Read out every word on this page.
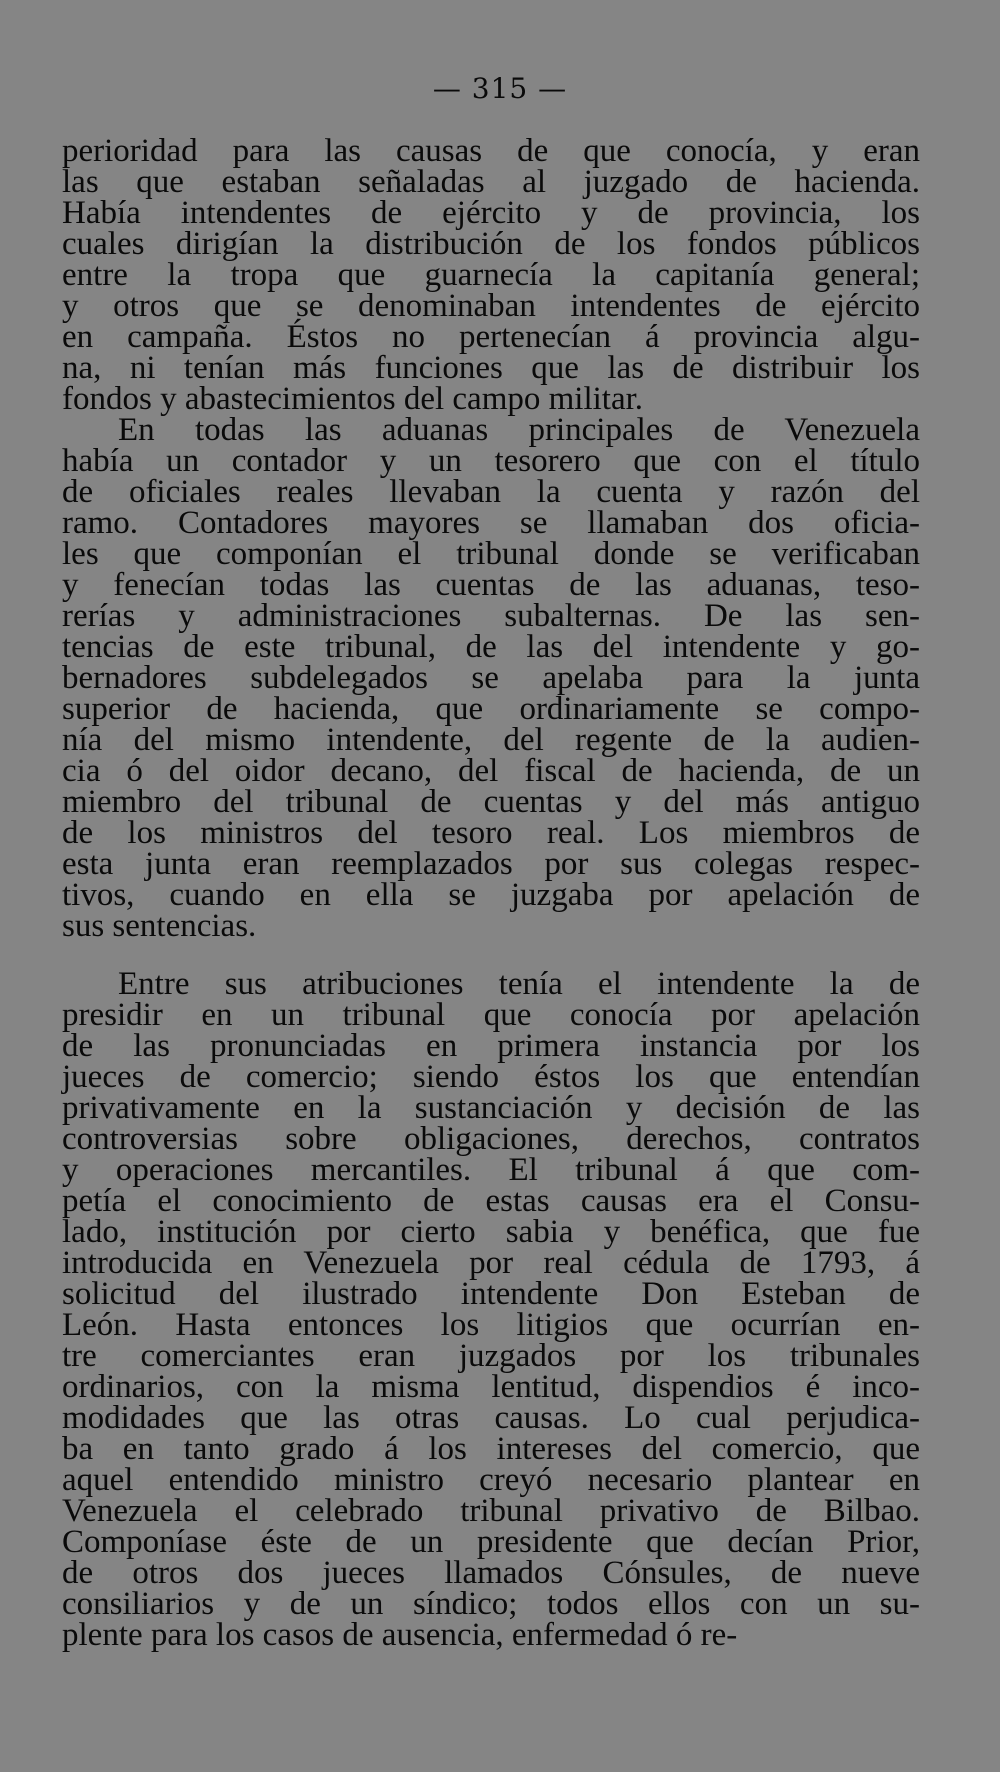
— 315 —
perioridad para las causas de que conocía, y eran
las que estaban señaladas al juzgado de hacienda.
Había intendentes de ejército y de provincia, los
cuales dirigían la distribución de los fondos públicos
entre la tropa que guarnecía la capitanía general;
y otros que se denominaban intendentes de ejército
en campaña. Éstos no pertenecían á provincia algu-
na, ni tenían más funciones que las de distribuir los
fondos y abastecimientos del campo militar.
En todas las aduanas principales de Venezuela
había un contador y un tesorero que con el título
de oficiales reales llevaban la cuenta y razón del
ramo. Contadores mayores se llamaban dos oficia-
les que componían el tribunal donde se verificaban
y fenecían todas las cuentas de las aduanas, teso-
rerías y administraciones subalternas. De las sen-
tencias de este tribunal, de las del intendente y go-
bernadores subdelegados se apelaba para la junta
superior de hacienda, que ordinariamente se compo-
nía del mismo intendente, del regente de la audien-
cia ó del oidor decano, del fiscal de hacienda, de un
miembro del tribunal de cuentas y del más antiguo
de los ministros del tesoro real. Los miembros de
esta junta eran reemplazados por sus colegas respec-
tivos, cuando en ella se juzgaba por apelación de
sus sentencias.
Entre sus atribuciones tenía el intendente la de
presidir en un tribunal que conocía por apelación
de las pronunciadas en primera instancia por los
jueces de comercio; siendo éstos los que entendían
privativamente en la sustanciación y decisión de las
controversias sobre obligaciones, derechos, contratos
y operaciones mercantiles. El tribunal á que com-
petía el conocimiento de estas causas era el Consu-
lado, institución por cierto sabia y benéfica, que fue
introducida en Venezuela por real cédula de 1793, á
solicitud del ilustrado intendente Don Esteban de
León. Hasta entonces los litigios que ocurrían en-
tre comerciantes eran juzgados por los tribunales
ordinarios, con la misma lentitud, dispendios é inco-
modidades que las otras causas. Lo cual perjudica-
ba en tanto grado á los intereses del comercio, que
aquel entendido ministro creyó necesario plantear en
Venezuela el celebrado tribunal privativo de Bilbao.
Componíase éste de un presidente que decían Prior,
de otros dos jueces llamados Cónsules, de nueve
consiliarios y de un síndico; todos ellos con un su-
plente para los casos de ausencia, enfermedad ó re-
